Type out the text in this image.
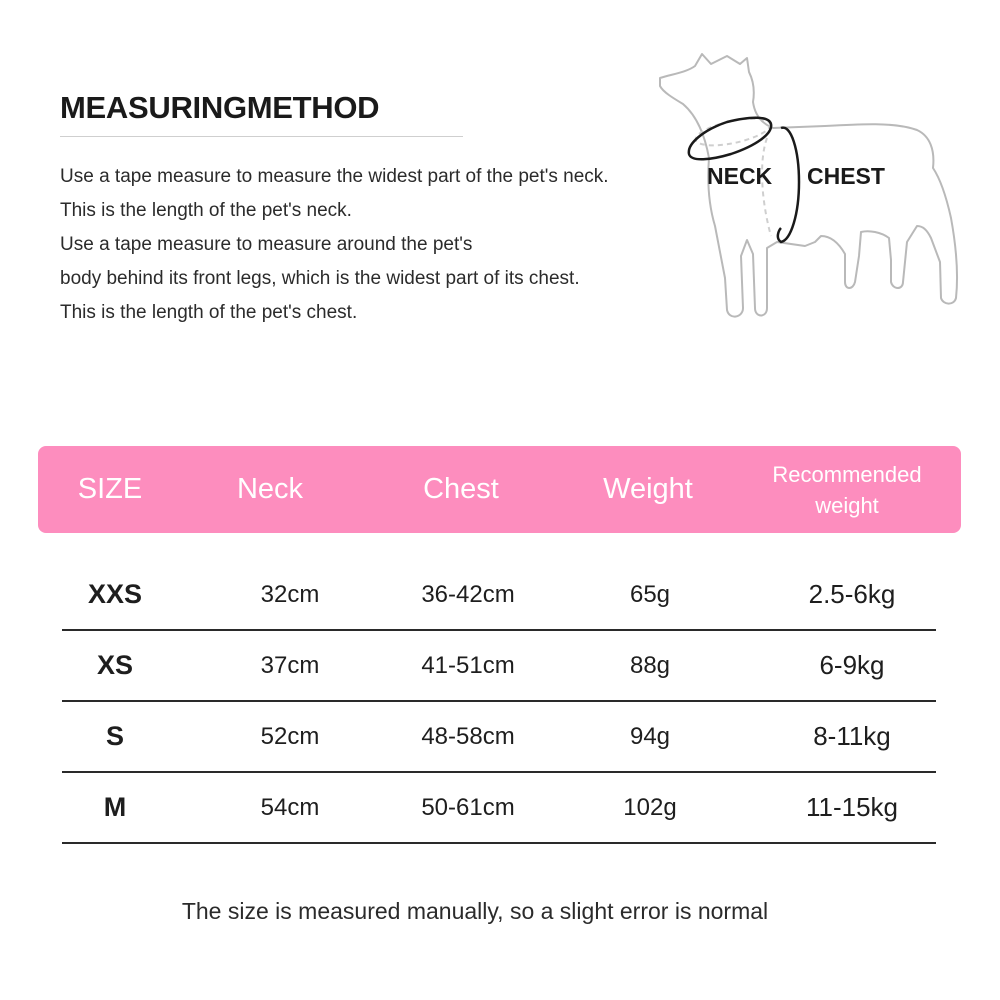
MEASURINGMETHOD
Use a tape measure to measure the widest part of the pet's neck.
This is the length of the pet's neck.
Use a tape measure to measure around the pet's
body behind its front legs, which is the widest part of its chest.
This is the length of the pet's chest.
NECK CHEST
SIZE	Neck	Chest	Weight	Recommended
weight
XXS	32cm	36-42cm	65g	2.5-6kg
XS	37cm	41-51cm	88g	6-9kg
S	52cm	48-58cm	94g	8-11kg
M	54cm	50-61cm	102g	11-15kg
The size is measured manually, so a slight error is normal
